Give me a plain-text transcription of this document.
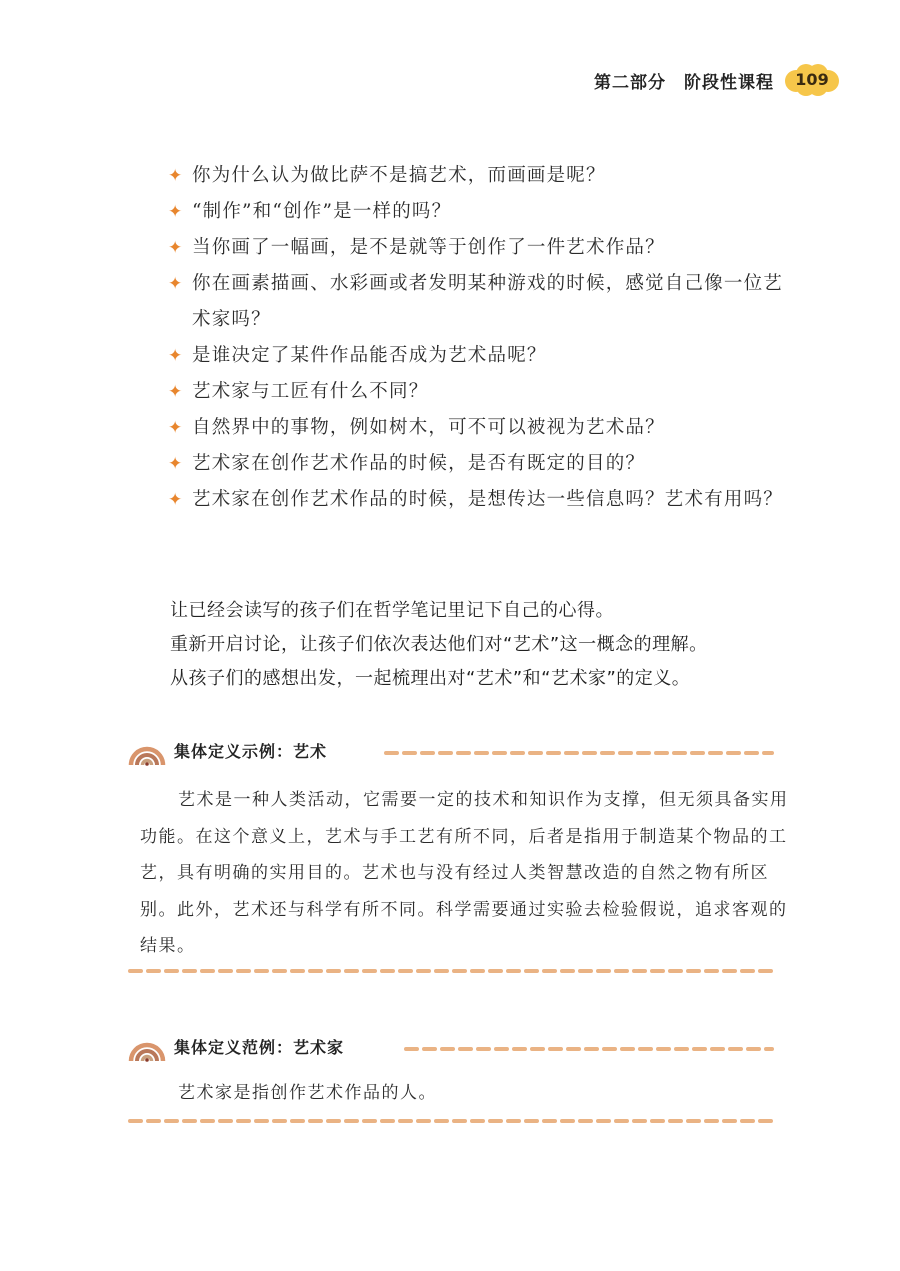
第二部分 阶段性课程	109
✦ 你为什么认为做比萨不是搞艺术，而画画是呢？
✦ “制作”和“创作”是一样的吗？
✦ 当你画了一幅画，是不是就等于创作了一件艺术作品？
✦ 你在画素描画、水彩画或者发明某种游戏的时候，感觉自己像一位艺术家吗？
✦ 是谁决定了某件作品能否成为艺术品呢？
✦ 艺术家与工匠有什么不同？
✦ 自然界中的事物，例如树木，可不可以被视为艺术品？
✦ 艺术家在创作艺术作品的时候，是否有既定的目的？
✦ 艺术家在创作艺术作品的时候，是想传达一些信息吗？艺术有用吗？

让已经会读写的孩子们在哲学笔记里记下自己的心得。

重新开启讨论，让孩子们依次表达他们对“艺术”这一概念的理解。

从孩子们的感想出发，一起梳理出对“艺术”和“艺术家”的定义。

集体定义示例：艺术
艺术是一种人类活动，它需要一定的技术和知识作为支撑，但无须具备实用功能。在这个意义上，艺术与手工艺有所不同，后者是指用于制造某个物品的工艺，具有明确的实用目的。艺术也与没有经过人类智慧改造的自然之物有所区别。此外，艺术还与科学有所不同。科学需要通过实验去检验假说，追求客观的结果。
集体定义范例：艺术家
艺术家是指创作艺术作品的人。
